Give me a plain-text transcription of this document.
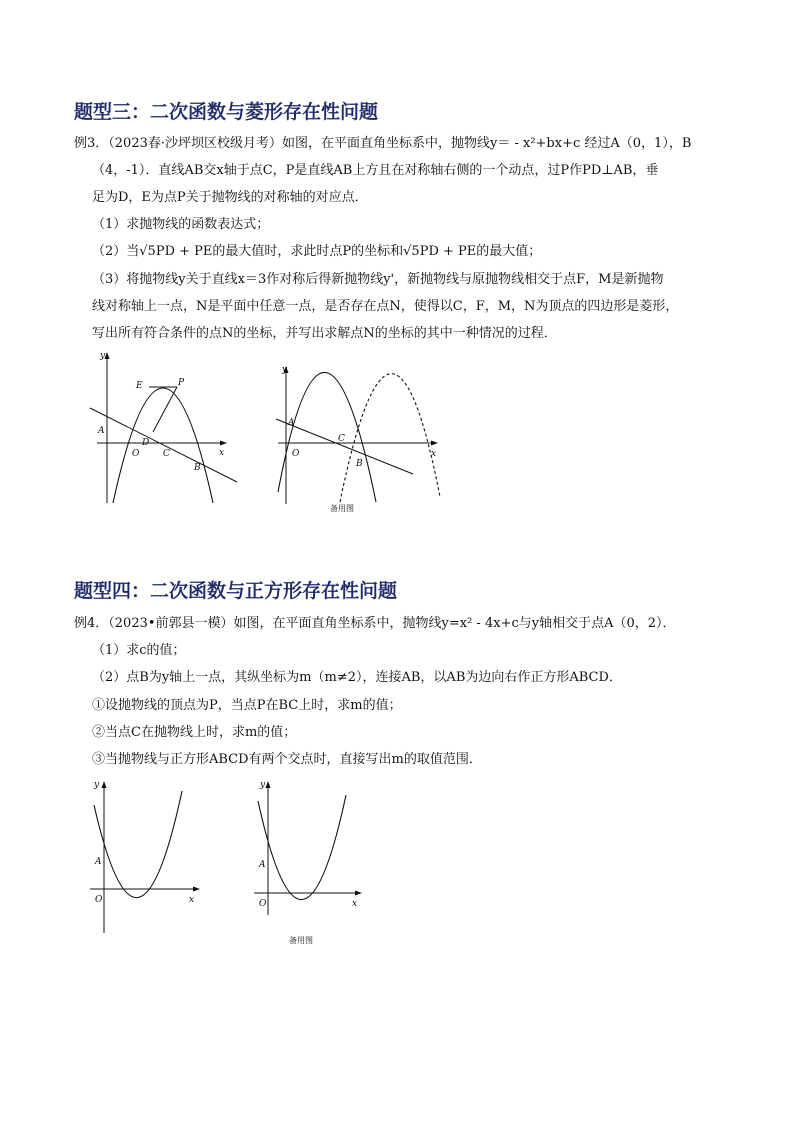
题型三：二次函数与菱形存在性问题
例3．（2023春·沙坪坝区校级月考）如图，在平面直角坐标系中，抛物线y＝ - x²+bx+c 经过A（0，1），B
（4，-1）．直线AB交x轴于点C，P是直线AB上方且在对称轴右侧的一个动点，过P作PD⊥AB，垂
足为D，E为点P关于抛物线的对称轴的对应点．
（1）求抛物线的函数表达式；
（2）当√5PD + PE的最大值时，求此时点P的坐标和√5PD + PE的最大值；
（3）将抛物线y关于直线x＝3作对称后得新抛物线y'，新抛物线与原抛物线相交于点F，M是新抛物
线对称轴上一点，N是平面中任意一点，是否存在点N，使得以C，F，M，N为顶点的四边形是菱形，
写出所有符合条件的点N的坐标，并写出求解点N的坐标的其中一种情况的过程．
y
E	P
A
D
O	C
B
x
y
A
C
O
B
x
备用图
题型四：二次函数与正方形存在性问题
例4．（2023•前郭县一模）如图，在平面直角坐标系中，抛物线y=x² - 4x+c与y轴相交于点A（0，2）．
（1）求c的值；
（2）点B为y轴上一点，其纵坐标为m（m≠2），连接AB，以AB为边向右作正方形ABCD．
①设抛物线的顶点为P，当点P在BC上时，求m的值；
②当点C在抛物线上时，求m的值；
③当抛物线与正方形ABCD有两个交点时，直接写出m的取值范围．
y
A
O	x
y
A
O	x
备用图
